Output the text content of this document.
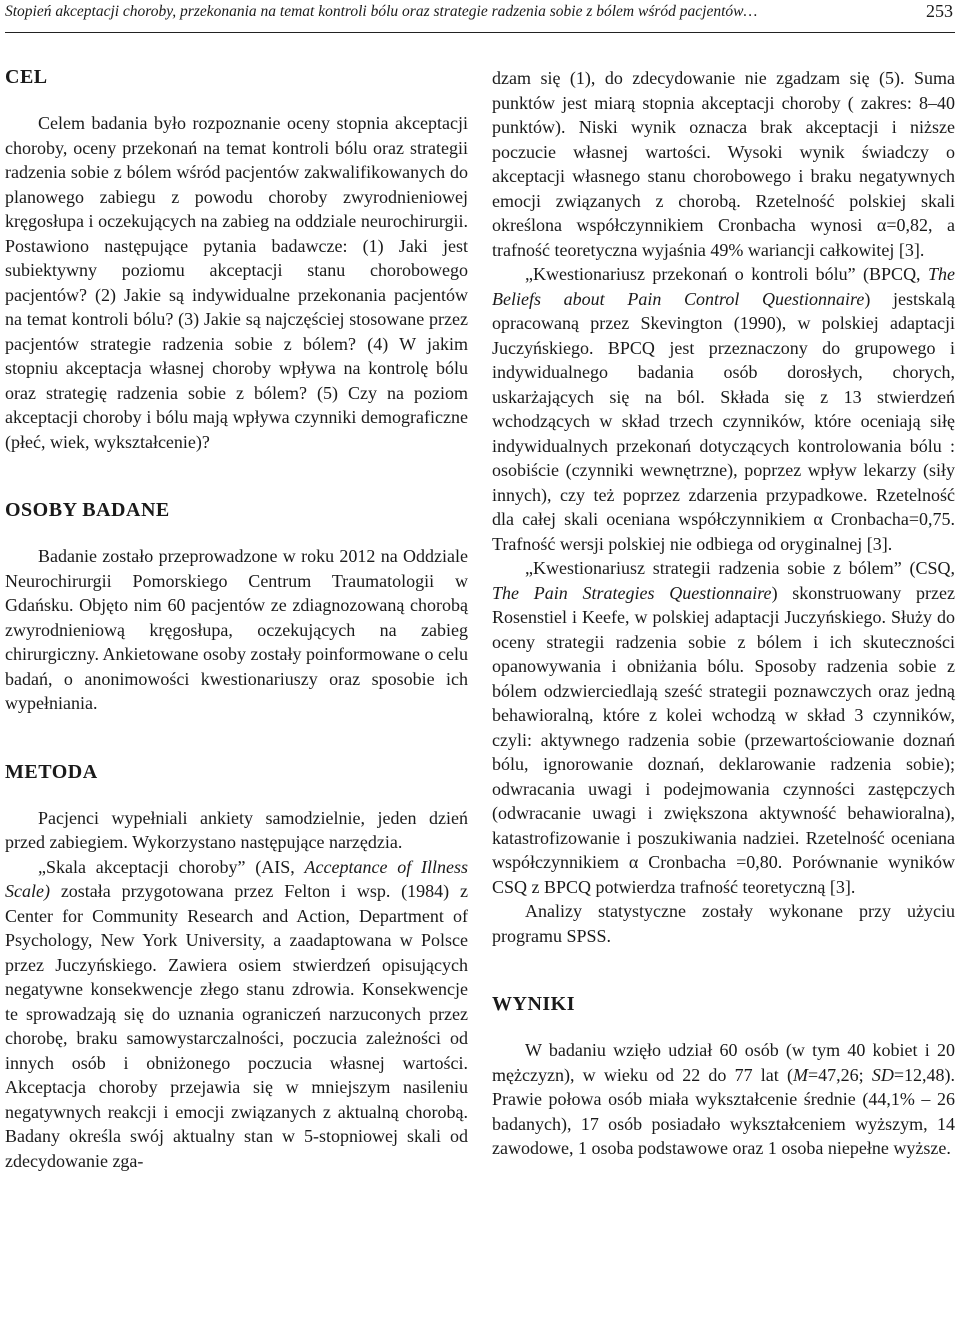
Stopień akceptacji choroby, przekonania na temat kontroli bólu oraz strategie radzenia sobie z bólem wśród pacjentów…	253
CEL

Celem badania było rozpoznanie oceny stopnia akceptacji choroby, oceny przekonań na temat kontroli bólu oraz strategii radzenia sobie z bólem wśród pacjentów zakwalifikowanych do planowego zabiegu z powodu choroby zwyrodnieniowej kręgosłupa i oczekujących na zabieg na oddziale neurochirurgii. Postawiono następujące pytania badawcze: (1) Jaki jest subiektywny poziomu akceptacji stanu chorobowego pacjentów? (2) Jakie są indywidualne przekonania pacjentów na temat kontroli bólu? (3) Jakie są najczęściej stosowane przez pacjentów strategie radzenia sobie z bólem? (4) W jakim stopniu akceptacja własnej choroby wpływa na kontrolę bólu oraz strategię radzenia sobie z bólem? (5) Czy na poziom akceptacji choroby i bólu mają wpływa czynniki demograficzne (płeć, wiek, wykształcenie)?

OSOBY BADANE

Badanie zostało przeprowadzone w roku 2012 na Oddziale Neurochirurgii Pomorskiego Centrum Traumatologii w Gdańsku. Objęto nim 60 pacjentów ze zdiagnozowaną chorobą zwyrodnieniową kręgosłupa, oczekujących na zabieg chirurgiczny. Ankietowane osoby zostały poinformowane o celu badań, o anonimowości kwestionariuszy oraz sposobie ich wypełniania.

METODA

Pacjenci wypełniali ankiety samodzielnie, jeden dzień przed zabiegiem. Wykorzystano następujące narzędzia.

„Skala akceptacji choroby” (AIS, Acceptance of Illness Scale) została przygotowana przez Felton i wsp. (1984) z Center for Community Research and Action, Department of Psychology, New York University, a zaadaptowana w Polsce przez Juczyńskiego. Zawiera osiem stwierdzeń opisujących negatywne konsekwencje złego stanu zdrowia. Konsekwencje te sprowadzają się do uznania ograniczeń narzuconych przez chorobę, braku samowystarczalności, poczucia zależności od innych osób i obniżonego poczucia własnej wartości. Akceptacja choroby przejawia się w mniejszym nasileniu negatywnych reakcji i emocji związanych z aktualną chorobą. Badany określa swój aktualny stan w 5-stopniowej skali od zdecydowanie zga-

dzam się (1), do zdecydowanie nie zgadzam się (5). Suma punktów jest miarą stopnia akceptacji choroby ( zakres: 8–40 punktów). Niski wynik oznacza brak akceptacji i niższe poczucie własnej wartości. Wysoki wynik świadczy o akceptacji własnego stanu chorobowego i braku negatywnych emocji związanych z chorobą. Rzetelność polskiej skali określona współczynnikiem Cronbacha wynosi α=0,82, a trafność teoretyczna wyjaśnia 49% wariancji całkowitej [3].

„Kwestionariusz przekonań o kontroli bólu” (BPCQ, The Beliefs about Pain Control Questionnaire) jestskalą opracowaną przez Skevington (1990), w polskiej adaptacji Juczyńskiego. BPCQ jest przeznaczony do grupowego i indywidualnego badania osób dorosłych, chorych, uskarżających się na ból. Składa się z 13 stwierdzeń wchodzących w skład trzech czynników, które oceniają siłę indywidualnych przekonań dotyczących kontrolowania bólu : osobiście (czynniki wewnętrzne), poprzez wpływ lekarzy (siły innych), czy też poprzez zdarzenia przypadkowe. Rzetelność dla całej skali oceniana współczynnikiem α Cronbacha=0,75. Trafność wersji polskiej nie odbiega od oryginalnej [3].

„Kwestionariusz strategii radzenia sobie z bólem” (CSQ, The Pain Strategies Questionnaire) skonstruowany przez Rosenstiel i Keefe, w polskiej adaptacji Juczyńskiego. Służy do oceny strategii radzenia sobie z bólem i ich skuteczności opanowywania i obniżania bólu. Sposoby radzenia sobie z bólem odzwierciedlają sześć strategii poznawczych oraz jedną behawioralną, które z kolei wchodzą w skład 3 czynników, czyli: aktywnego radzenia sobie (przewartościowanie doznań bólu, ignorowanie doznań, deklarowanie radzenia sobie); odwracania uwagi i podejmowania czynności zastępczych (odwracanie uwagi i zwiększona aktywność behawioralna), katastrofizowanie i poszukiwania nadziei. Rzetelność oceniana współczynnikiem α Cronbacha =0,80. Porównanie wyników CSQ z BPCQ potwierdza trafność teoretyczną [3].

Analizy statystyczne zostały wykonane przy użyciu programu SPSS.

WYNIKI

W badaniu wzięło udział 60 osób (w tym 40 kobiet i 20 mężczyzn), w wieku od 22 do 77 lat (M=47,26; SD=12,48). Prawie połowa osób miała wykształcenie średnie (44,1% – 26 badanych), 17 osób posiadało wykształceniem wyższym, 14 zawodowe, 1 osoba podstawowe oraz 1 osoba niepełne wyższe.
